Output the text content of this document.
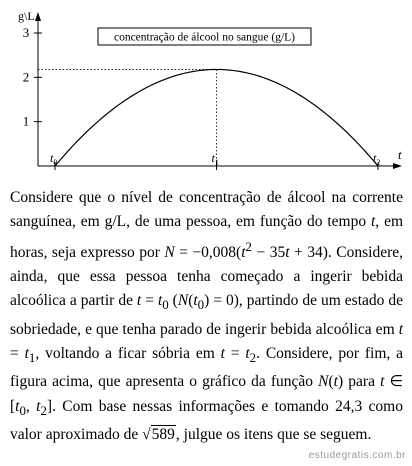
g\L
t
1
2
3
$t_0$	$t_1$	$t_2$
concentração de álcool no sangue (g/L)

Considere que o nível de concentração de álcool na corrente sanguínea, em g/L, de uma pessoa, em função do tempo t, em horas, seja expresso por $N = -0,008(t^2 - 35t + 34)$. Considere, ainda, que essa pessoa tenha começado a ingerir bebida alcoólica a partir de $t = t_0$ $(N(t_0) = 0)$, partindo de um estado de sobriedade, e que tenha parado de ingerir bebida alcoólica em $t = t_1$, voltando a ficar sóbria em $t = t_2$. Considere, por fim, a figura acima, que apresenta o gráfico da função N(t) para t ∈ [$t_0$, $t_2$]. Com base nessas informações e tomando 24,3 como valor aproximado de √589, julgue os itens que se seguem.

estudegratis.com.br
